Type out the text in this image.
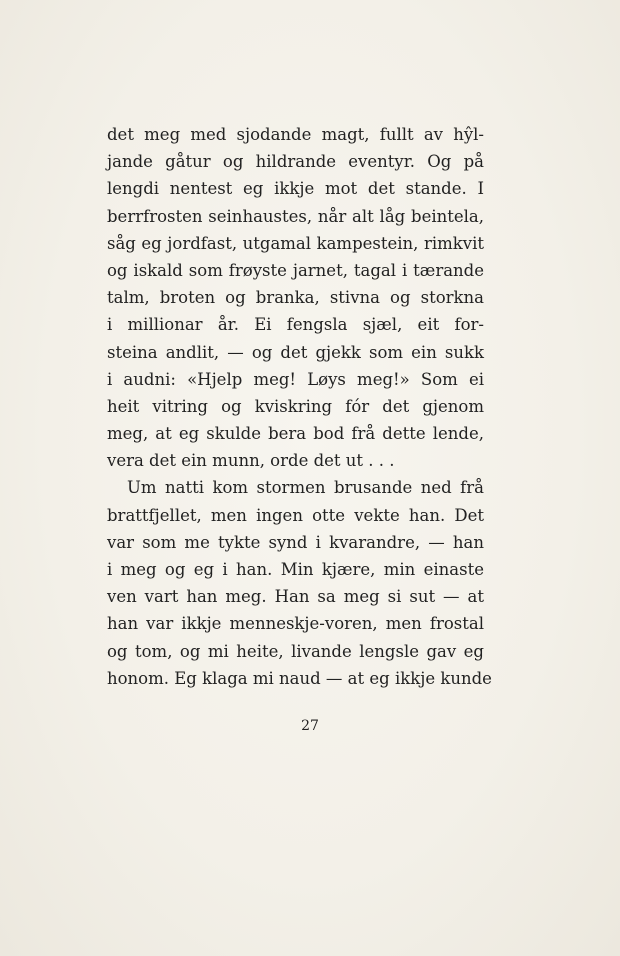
det meg med sjodande magt, fullt av hŷl-
jande gåtur og hildrande eventyr. Og på
lengdi nentest eg ikkje mot det stande. I
berrfrosten seinhaustes, når alt låg beintela,
såg eg jordfast, utgamal kampestein, rimkvit
og iskald som frøyste jarnet, tagal i tærande
talm, broten og branka, stivna og storkna
i millionar år. Ei fengsla sjæl, eit for-
steina andlit, — og det gjekk som ein sukk
i audni: «Hjelp meg! Løys meg!» Som ei
heit vitring og kviskring fór det gjenom
meg, at eg skulde bera bod frå dette lende,
vera det ein munn, orde det ut . . .
Um natti kom stormen brusande ned frå
brattfjellet, men ingen otte vekte han. Det
var som me tykte synd i kvarandre, — han
i meg og eg i han. Min kjære, min einaste
ven vart han meg. Han sa meg si sut — at
han var ikkje menneskje-voren, men frostal
og tom, og mi heite, livande lengsle gav eg
honom. Eg klaga mi naud — at eg ikkje kunde
27
